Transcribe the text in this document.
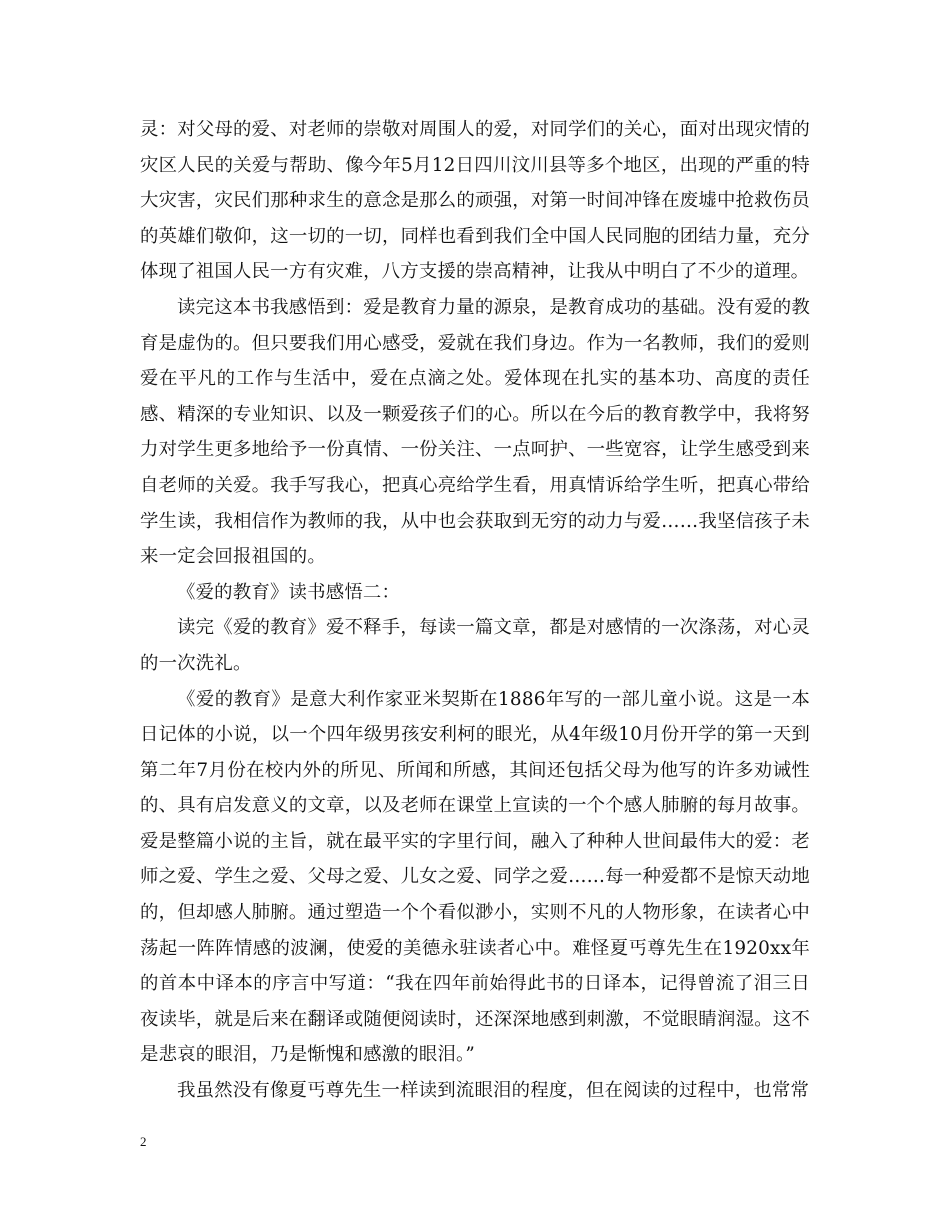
灵：对父母的爱、对老师的崇敬对周围人的爱，对同学们的关心，面对出现灾情的灾区人民的关爱与帮助、像今年5月12日四川汶川县等多个地区，出现的严重的特大灾害，灾民们那种求生的意念是那么的顽强，对第一时间冲锋在废墟中抢救伤员的英雄们敬仰，这一切的一切，同样也看到我们全中国人民同胞的团结力量，充分体现了祖国人民一方有灾难，八方支援的崇高精神，让我从中明白了不少的道理。

读完这本书我感悟到：爱是教育力量的源泉，是教育成功的基础。没有爱的教育是虚伪的。但只要我们用心感受，爱就在我们身边。作为一名教师，我们的爱则爱在平凡的工作与生活中，爱在点滴之处。爱体现在扎实的基本功、高度的责任感、精深的专业知识、以及一颗爱孩子们的心。所以在今后的教育教学中，我将努力对学生更多地给予一份真情、一份关注、一点呵护、一些宽容，让学生感受到来自老师的关爱。我手写我心，把真心亮给学生看，用真情诉给学生听，把真心带给学生读，我相信作为教师的我，从中也会获取到无穷的动力与爱……我坚信孩子未来一定会回报祖国的。

《爱的教育》读书感悟二：

读完《爱的教育》爱不释手，每读一篇文章，都是对感情的一次涤荡，对心灵的一次洗礼。

《爱的教育》是意大利作家亚米契斯在1886年写的一部儿童小说。这是一本日记体的小说，以一个四年级男孩安利柯的眼光，从4年级10月份开学的第一天到第二年7月份在校内外的所见、所闻和所感，其间还包括父母为他写的许多劝诫性的、具有启发意义的文章，以及老师在课堂上宣读的一个个感人肺腑的每月故事。爱是整篇小说的主旨，就在最平实的字里行间，融入了种种人世间最伟大的爱：老师之爱、学生之爱、父母之爱、儿女之爱、同学之爱……每一种爱都不是惊天动地的，但却感人肺腑。通过塑造一个个看似渺小，实则不凡的人物形象，在读者心中荡起一阵阵情感的波澜，使爱的美德永驻读者心中。难怪夏丐尊先生在1920xx年的首本中译本的序言中写道：“我在四年前始得此书的日译本，记得曾流了泪三日夜读毕，就是后来在翻译或随便阅读时，还深深地感到刺激，不觉眼睛润湿。这不是悲哀的眼泪，乃是惭愧和感激的眼泪。”

我虽然没有像夏丐尊先生一样读到流眼泪的程度，但在阅读的过程中，也常常

2
